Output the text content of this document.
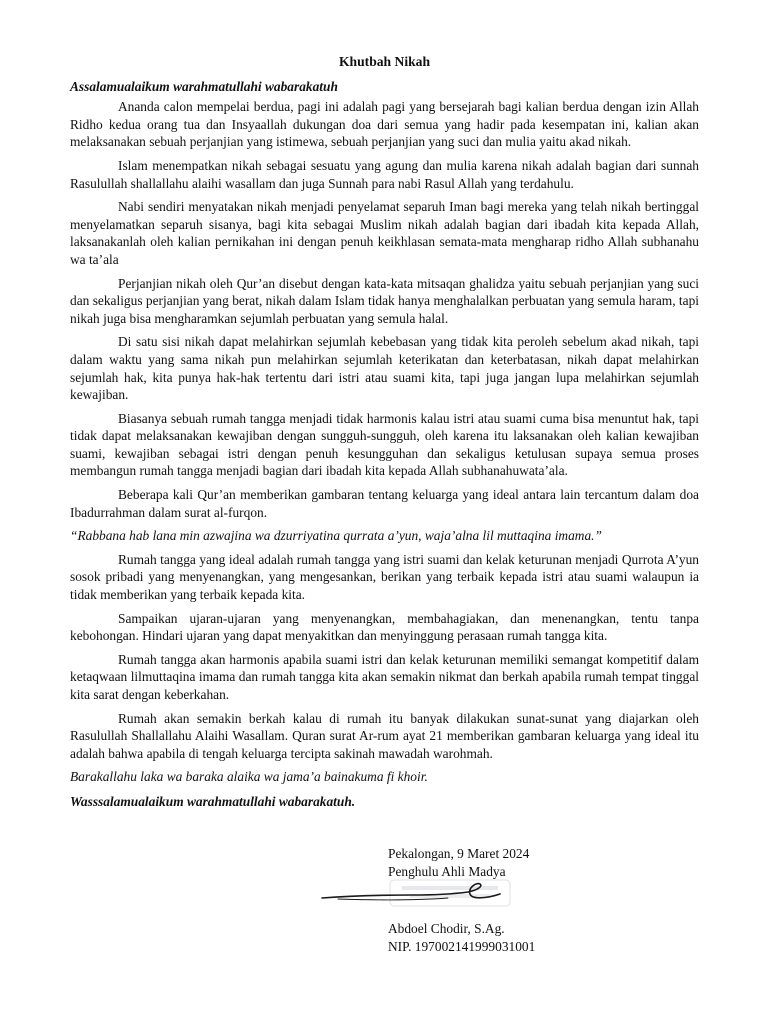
Khutbah Nikah
Assalamualaikum warahmatullahi wabarakatuh

Ananda calon mempelai berdua, pagi ini adalah pagi yang bersejarah bagi kalian berdua dengan izin Allah Ridho kedua orang tua dan Insyaallah dukungan doa dari semua yang hadir pada kesempatan ini, kalian akan melaksanakan sebuah perjanjian yang istimewa, sebuah perjanjian yang suci dan mulia yaitu akad nikah.

Islam menempatkan nikah sebagai sesuatu yang agung dan mulia karena nikah adalah bagian dari sunnah Rasulullah shallallahu alaihi wasallam dan juga Sunnah para nabi Rasul Allah yang terdahulu.

Nabi sendiri menyatakan nikah menjadi penyelamat separuh Iman bagi mereka yang telah nikah bertinggal menyelamatkan separuh sisanya, bagi kita sebagai Muslim nikah adalah bagian dari ibadah kita kepada Allah, laksanakanlah oleh kalian pernikahan ini dengan penuh keikhlasan semata-mata mengharap ridho Allah subhanahu wa ta’ala

Perjanjian nikah oleh Qur’an disebut dengan kata-kata mitsaqan ghalidza yaitu sebuah perjanjian yang suci dan sekaligus perjanjian yang berat, nikah dalam Islam tidak hanya menghalalkan perbuatan yang semula haram, tapi nikah juga bisa mengharamkan sejumlah perbuatan yang semula halal.

Di satu sisi nikah dapat melahirkan sejumlah kebebasan yang tidak kita peroleh sebelum akad nikah, tapi dalam waktu yang sama nikah pun melahirkan sejumlah keterikatan dan keterbatasan, nikah dapat melahirkan sejumlah hak, kita punya hak-hak tertentu dari istri atau suami kita, tapi juga jangan lupa melahirkan sejumlah kewajiban.

Biasanya sebuah rumah tangga menjadi tidak harmonis kalau istri atau suami cuma bisa menuntut hak, tapi tidak dapat melaksanakan kewajiban dengan sungguh-sungguh, oleh karena itu laksanakan oleh kalian kewajiban suami, kewajiban sebagai istri dengan penuh kesungguhan dan sekaligus ketulusan supaya semua proses membangun rumah tangga menjadi bagian dari ibadah kita kepada Allah subhanahuwata’ala.

Beberapa kali Qur’an memberikan gambaran tentang keluarga yang ideal antara lain tercantum dalam doa Ibadurrahman dalam surat al-furqon.

“Rabbana hab lana min azwajina wa dzurriyatina qurrata a’yun, waja’alna lil muttaqina imama.”

Rumah tangga yang ideal adalah rumah tangga yang istri suami dan kelak keturunan menjadi Qurrota A’yun sosok pribadi yang menyenangkan, yang mengesankan, berikan yang terbaik kepada istri atau suami walaupun ia tidak memberikan yang terbaik kepada kita.

Sampaikan ujaran-ujaran yang menyenangkan, membahagiakan, dan menenangkan, tentu tanpa kebohongan. Hindari ujaran yang dapat menyakitkan dan menyinggung perasaan rumah tangga kita.

Rumah tangga akan harmonis apabila suami istri dan kelak keturunan memiliki semangat kompetitif dalam ketaqwaan lilmuttaqina imama dan rumah tangga kita akan semakin nikmat dan berkah apabila rumah tempat tinggal kita sarat dengan keberkahan.

Rumah akan semakin berkah kalau di rumah itu banyak dilakukan sunat-sunat yang diajarkan oleh Rasulullah Shallallahu Alaihi Wasallam. Quran surat Ar-rum ayat 21 memberikan gambaran keluarga yang ideal itu adalah bahwa apabila di tengah keluarga tercipta sakinah mawadah warohmah.

Barakallahu laka wa baraka alaika wa jama’a bainakuma fi khoir.
Wasssalamualaikum warahmatullahi wabarakatuh.
Pekalongan, 9 Maret 2024
Penghulu Ahli Madya
Abdoel Chodir, S.Ag.
NIP. 197002141999031001
